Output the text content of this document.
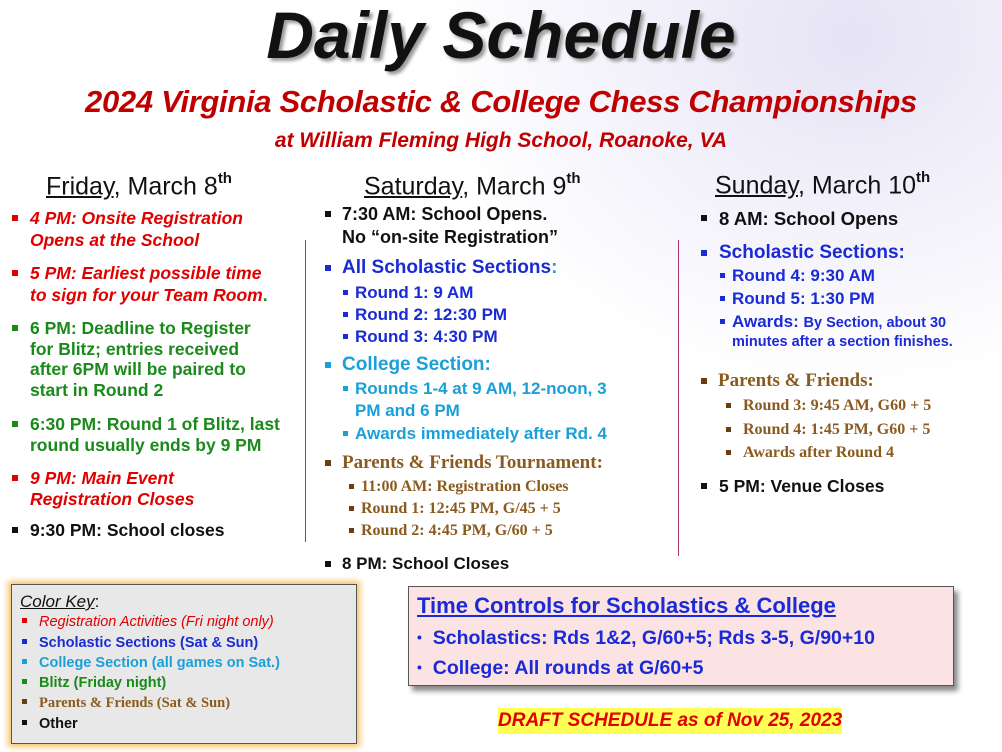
Daily Schedule
2024 Virginia Scholastic & College Chess Championships
at William Fleming High School, Roanoke, VA
Friday, March 8th
4 PM: Onsite Registration
Opens at the School
5 PM: Earliest possible time
to sign for your Team Room.
6 PM: Deadline to Register
for Blitz; entries received
after 6PM will be paired to
start in Round 2
6:30 PM: Round 1 of Blitz, last
round usually ends by 9 PM
9 PM: Main Event
Registration Closes
9:30 PM: School closes
Saturday, March 9th
7:30 AM: School Opens.
No “on-site Registration”
All Scholastic Sections:
Round 1: 9 AM
Round 2: 12:30 PM
Round 3: 4:30 PM
College Section:
Rounds 1-4 at 9 AM, 12-noon, 3
PM and 6 PM
Awards immediately after Rd. 4
Parents & Friends Tournament:
11:00 AM: Registration Closes
Round 1: 12:45 PM, G/45 + 5
Round 2: 4:45 PM, G/60 + 5
8 PM: School Closes
Sunday, March 10th
8 AM: School Opens
Scholastic Sections:
Round 4: 9:30 AM
Round 5: 1:30 PM
Awards: By Section, about 30
minutes after a section finishes.
Parents & Friends:
Round 3: 9:45 AM, G60 + 5
Round 4: 1:45 PM, G60 + 5
Awards after Round 4
5 PM: Venue Closes
Color Key:
Registration Activities (Fri night only)
Scholastic Sections (Sat & Sun)
College Section (all games on Sat.)
Blitz (Friday night)
Parents & Friends (Sat & Sun)
Other
Time Controls for Scholastics & College
• Scholastics: Rds 1&2, G/60+5; Rds 3-5, G/90+10
• College: All rounds at G/60+5
DRAFT SCHEDULE as of Nov 25, 2023
